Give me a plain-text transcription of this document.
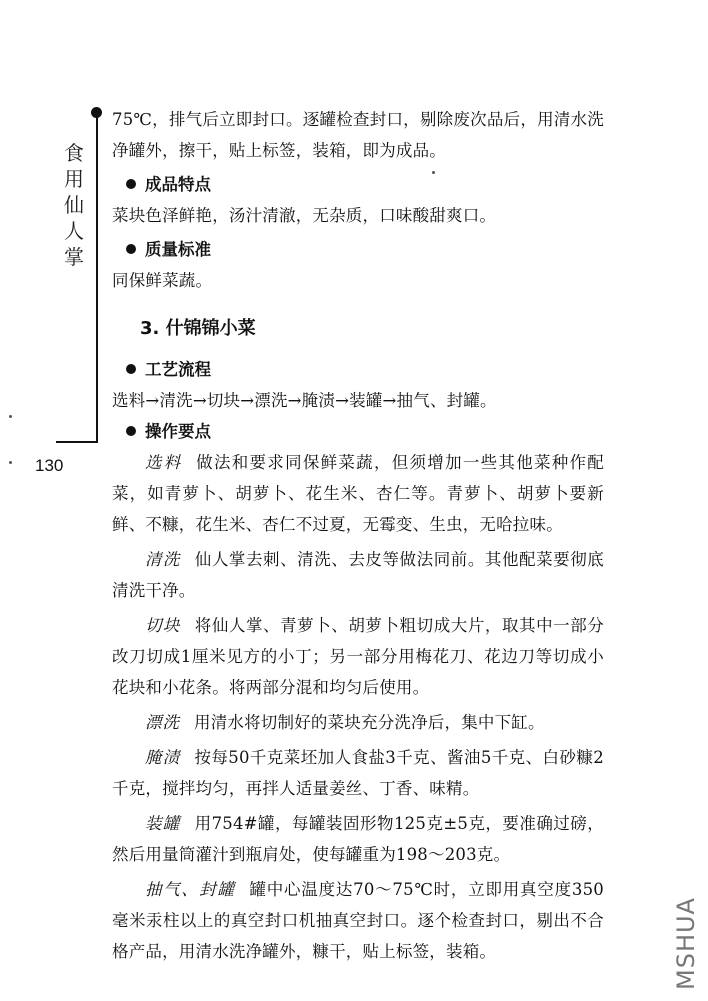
食
用
仙
人
掌
130

75℃，排气后立即封口。逐罐检查封口，剔除废次品后，用清水洗净罐外，擦干，贴上标签，装箱，即为成品。

成品特点

菜块色泽鲜艳，汤汁清澈，无杂质，口味酸甜爽口。

质量标准

同保鲜菜蔬。

3. 什锦锦小菜
工艺流程

选料→清洗→切块→漂洗→腌渍→装罐→抽气、封罐。

操作要点

选料 做法和要求同保鲜菜蔬，但须增加一些其他菜种作配菜，如青萝卜、胡萝卜、花生米、杏仁等。青萝卜、胡萝卜要新鲜、不糠，花生米、杏仁不过夏，无霉变、生虫，无哈拉味。

清洗 仙人掌去刺、清洗、去皮等做法同前。其他配菜要彻底清洗干净。

切块 将仙人掌、青萝卜、胡萝卜粗切成大片，取其中一部分改刀切成1厘米见方的小丁；另一部分用梅花刀、花边刀等切成小花块和小花条。将两部分混和均匀后使用。

漂洗 用清水将切制好的菜块充分洗净后，集中下缸。

腌渍 按每50千克菜坯加人食盐3千克、酱油5千克、白砂糠2千克，搅拌均匀，再拌人适量姜丝、丁香、味精。

装罐 用754#罐，每罐装固形物125克±5克，要准确过磅，然后用量筒灌汁到瓶肩处，使每罐重为198～203克。

抽气、封罐 罐中心温度达70～75℃时，立即用真空度350毫米汞柱以上的真空封口机抽真空封口。逐个检查封口，剔出不合格产品，用清水洗净罐外，糠干，贴上标签，装箱。	MSHUA
